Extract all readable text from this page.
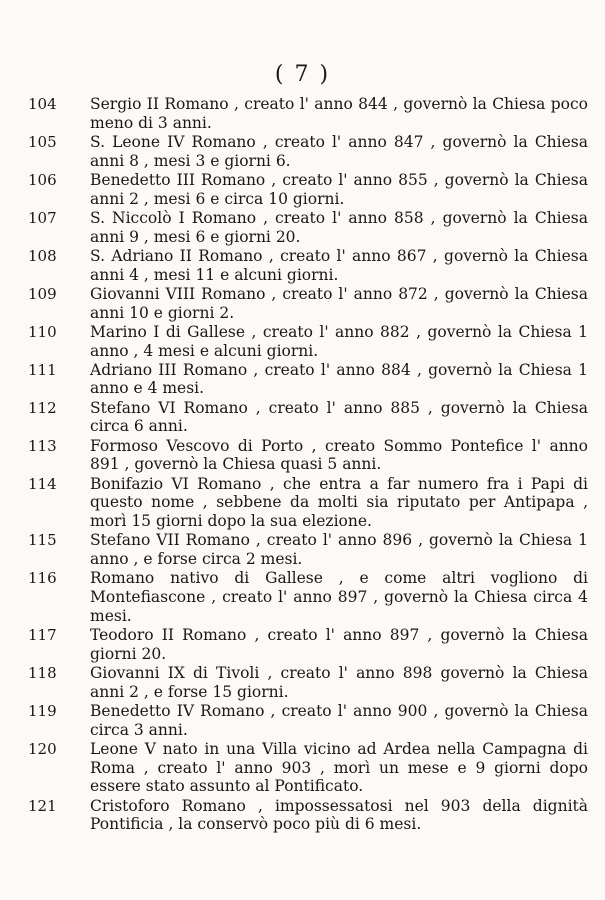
( 7 )
104	Sergio II Romano , creato l' anno 844 , governò la Chiesa poco meno di 3 anni.
105	S. Leone IV Romano , creato l' anno 847 , governò la Chiesa anni 8 , mesi 3 e giorni 6.
106	Benedetto III Romano , creato l' anno 855 , governò la Chiesa anni 2 , mesi 6 e circa 10 giorni.
107	S. Niccolò I Romano , creato l' anno 858 , governò la Chiesa anni 9 , mesi 6 e giorni 20.
108	S. Adriano II Romano , creato l' anno 867 , governò la Chiesa anni 4 , mesi 11 e alcuni giorni.
109	Giovanni VIII Romano , creato l' anno 872 , governò la Chiesa anni 10 e giorni 2.
110	Marino I di Gallese , creato l' anno 882 , governò la Chiesa 1 anno , 4 mesi e alcuni giorni.
111	Adriano III Romano , creato l' anno 884 , governò la Chiesa 1 anno e 4 mesi.
112	Stefano VI Romano , creato l' anno 885 , governò la Chiesa circa 6 anni.
113	Formoso Vescovo di Porto , creato Sommo Pontefice l' anno 891 , governò la Chiesa quasi 5 anni.
114	Bonifazio VI Romano , che entra a far numero fra i Papi di questo nome , sebbene da molti sia riputato per Antipapa , morì 15 giorni dopo la sua elezione.
115	Stefano VII Romano , creato l' anno 896 , governò la Chiesa 1 anno , e forse circa 2 mesi.
116	Romano nativo di Gallese , e come altri vogliono di Montefiascone , creato l' anno 897 , governò la Chiesa circa 4 mesi.
117	Teodoro II Romano , creato l' anno 897 , governò la Chiesa giorni 20.
118	Giovanni IX di Tivoli , creato l' anno 898 governò la Chiesa anni 2 , e forse 15 giorni.
119	Benedetto IV Romano , creato l' anno 900 , governò la Chiesa circa 3 anni.
120	Leone V nato in una Villa vicino ad Ardea nella Campagna di Roma , creato l' anno 903 , morì un mese e 9 giorni dopo essere stato assunto al Pontificato.
121	Cristoforo Romano , impossessatosi nel 903 della dignità Pontificia , la conservò poco più di 6 mesi.
